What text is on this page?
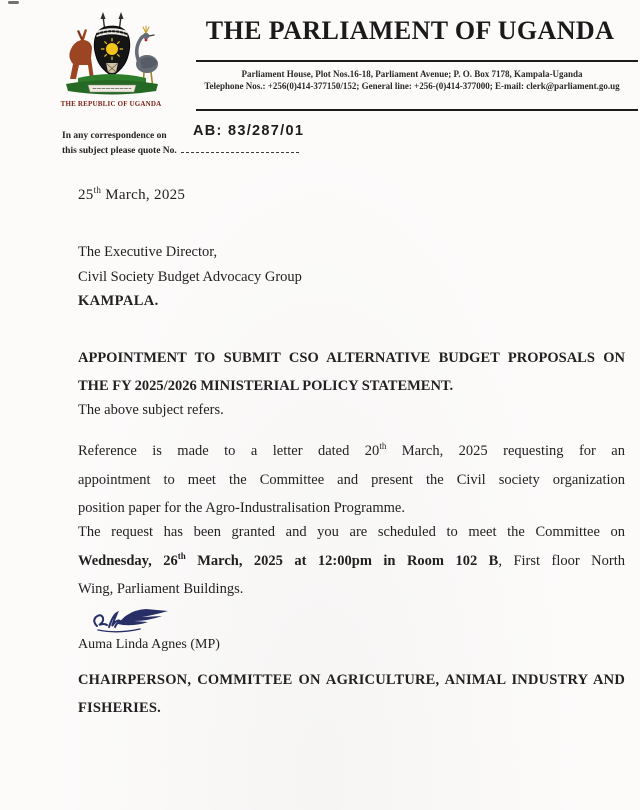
THE REPUBLIC OF UGANDA
THE PARLIAMENT OF UGANDA
Parliament House, Plot Nos.16-18, Parliament Avenue; P. O. Box 7178, Kampala-Uganda
Telephone Nos.: +256(0)414-377150/152; General line: +256-(0)414-377000; E-mail: clerk@parliament.go.ug
In any correspondence on
this subject please quote No.
AB: 83/287/01
25th March, 2025
The Executive Director,
Civil Society Budget Advocacy Group
KAMPALA.
APPOINTMENT TO SUBMIT CSO ALTERNATIVE BUDGET PROPOSALS ON
THE FY 2025/2026 MINISTERIAL POLICY STATEMENT.
The above subject refers.
Reference is made to a letter dated 20th March, 2025 requesting for an
appointment to meet the Committee and present the Civil society organization
position paper for the Agro-Industralisation Programme.
The request has been granted and you are scheduled to meet the Committee on
Wednesday, 26th March, 2025 at 12:00pm in Room 102 B, First floor North
Wing, Parliament Buildings.
Auma Linda Agnes (MP)
CHAIRPERSON, COMMITTEE ON AGRICULTURE, ANIMAL INDUSTRY AND
FISHERIES.
